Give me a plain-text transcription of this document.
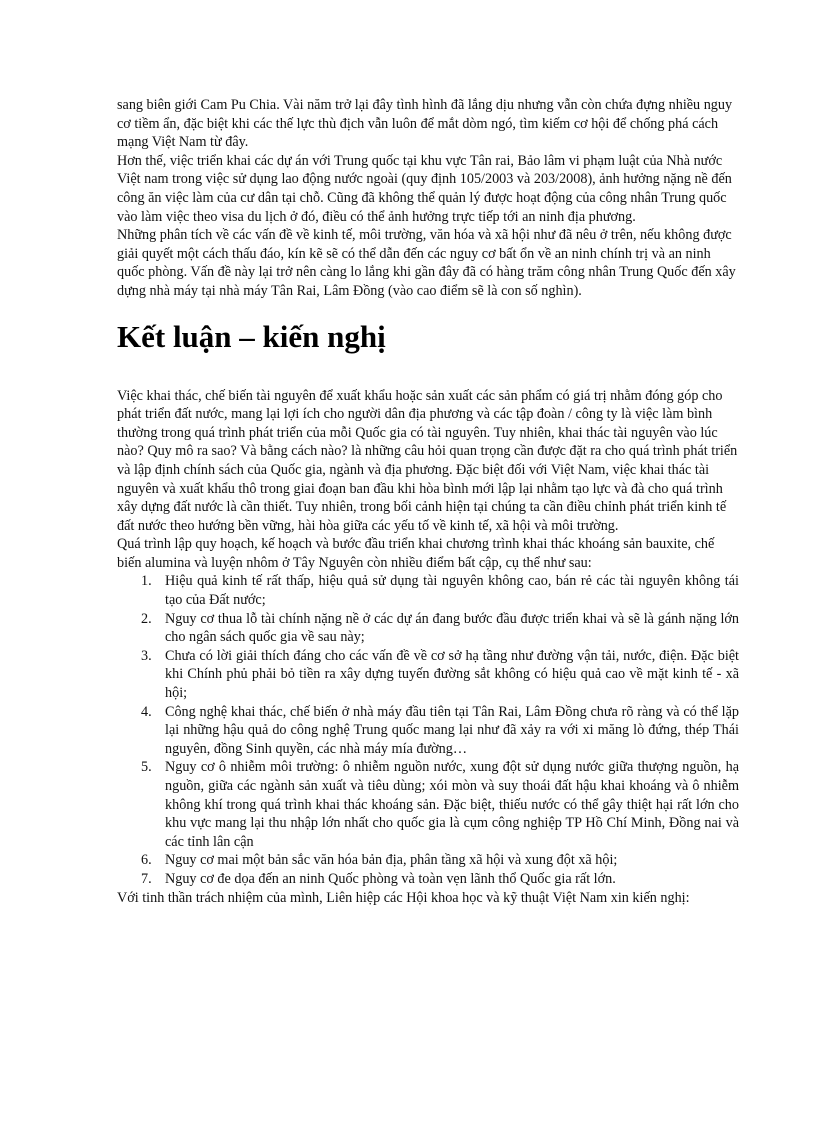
sang biên giới Cam Pu Chia. Vài năm trở lại đây tình hình đã lắng dịu nhưng vẫn còn chứa đựng nhiều nguy cơ tiềm ẩn, đặc biệt khi các thế lực thù địch vẫn luôn để mắt dòm ngó, tìm kiếm cơ hội để chống phá cách mạng Việt Nam từ đây.

Hơn thế, việc triển khai các dự án với Trung quốc tại khu vực Tân rai, Bảo lâm vi phạm luật của Nhà nước Việt nam trong việc sử dụng lao động nước ngoài (quy định 105/2003 và 203/2008), ảnh hưởng nặng nề đến công ăn việc làm của cư dân tại chỗ. Cũng đã không thể quản lý được hoạt động của công nhân Trung quốc vào làm việc theo visa du lịch ở đó, điều có thể ảnh hưởng trực tiếp tới an ninh địa phương.

Những phân tích về các vấn đề về kinh tế, môi trường, văn hóa và xã hội như đã nêu ở trên, nếu không được giải quyết một cách thấu đáo, kín kẽ sẽ có thể dẫn đến các nguy cơ bất ổn về an ninh chính trị và an ninh quốc phòng. Vấn đề này lại trở nên càng lo lắng khi gần đây đã có hàng trăm công nhân Trung Quốc đến xây dựng nhà máy tại nhà máy Tân Rai, Lâm Đồng (vào cao điểm sẽ là con số nghìn).

Kết luận – kiến nghị

Việc khai thác, chế biến tài nguyên để xuất khẩu hoặc sản xuất các sản phẩm có giá trị nhằm đóng góp cho phát triển đất nước, mang lại lợi ích cho người dân địa phương và các tập đoàn / công ty là việc làm bình thường trong quá trình phát triển của mỗi Quốc gia có tài nguyên. Tuy nhiên, khai thác tài nguyên vào lúc nào? Quy mô ra sao? Và bằng cách nào? là những câu hỏi quan trọng cần được đặt ra cho quá trình phát triển và lập định chính sách của Quốc gia, ngành và địa phương. Đặc biệt đối với Việt Nam, việc khai thác tài nguyên và xuất khẩu thô trong giai đoạn ban đầu khi hòa bình mới lập lại nhằm tạo lực và đà cho quá trình xây dựng đất nước là cần thiết. Tuy nhiên, trong bối cảnh hiện tại chúng ta cần điều chỉnh phát triển kinh tế đất nước theo hướng bền vững, hài hòa giữa các yếu tố về kinh tế, xã hội và môi trường.

Quá trình lập quy hoạch, kế hoạch và bước đầu triển khai chương trình khai thác khoáng sản bauxite, chế biến alumina và luyện nhôm ở Tây Nguyên còn nhiều điểm bất cập, cụ thể như sau:

1. Hiệu quả kinh tế rất thấp, hiệu quả sử dụng tài nguyên không cao, bán rẻ các tài nguyên không tái tạo của Đất nước;
2. Nguy cơ thua lỗ tài chính nặng nề ở các dự án đang bước đầu được triển khai và sẽ là gánh nặng lớn cho ngân sách quốc gia về sau này;
3. Chưa có lời giải thích đáng cho các vấn đề về cơ sở hạ tầng như đường vận tải, nước, điện. Đặc biệt khi Chính phủ phải bỏ tiền ra xây dựng tuyến đường sắt không có hiệu quả cao về mặt kinh tế - xã hội;
4. Công nghệ khai thác, chế biến ở nhà máy đầu tiên tại Tân Rai, Lâm Đồng chưa rõ ràng và có thể lặp lại những hậu quả do công nghệ Trung quốc mang lại như đã xảy ra với xi măng lò đứng, thép Thái nguyên, đồng Sinh quyền, các nhà máy mía đường…
5. Nguy cơ ô nhiễm môi trường: ô nhiễm nguồn nước, xung đột sử dụng nước giữa thượng nguồn, hạ nguồn, giữa các ngành sản xuất và tiêu dùng; xói mòn và suy thoái đất hậu khai khoáng và ô nhiễm không khí trong quá trình khai thác khoáng sản. Đặc biệt, thiếu nước có thể gây thiệt hại rất lớn cho khu vực mang lại thu nhập lớn nhất cho quốc gia là cụm công nghiệp TP Hồ Chí Minh, Đồng nai và các tỉnh lân cận
6. Nguy cơ mai một bản sắc văn hóa bản địa, phân tầng xã hội và xung đột xã hội;
7. Nguy cơ đe dọa đến an ninh Quốc phòng và toàn vẹn lãnh thổ Quốc gia rất lớn.

Với tinh thần trách nhiệm của mình, Liên hiệp các Hội khoa học và kỹ thuật Việt Nam xin kiến nghị:
